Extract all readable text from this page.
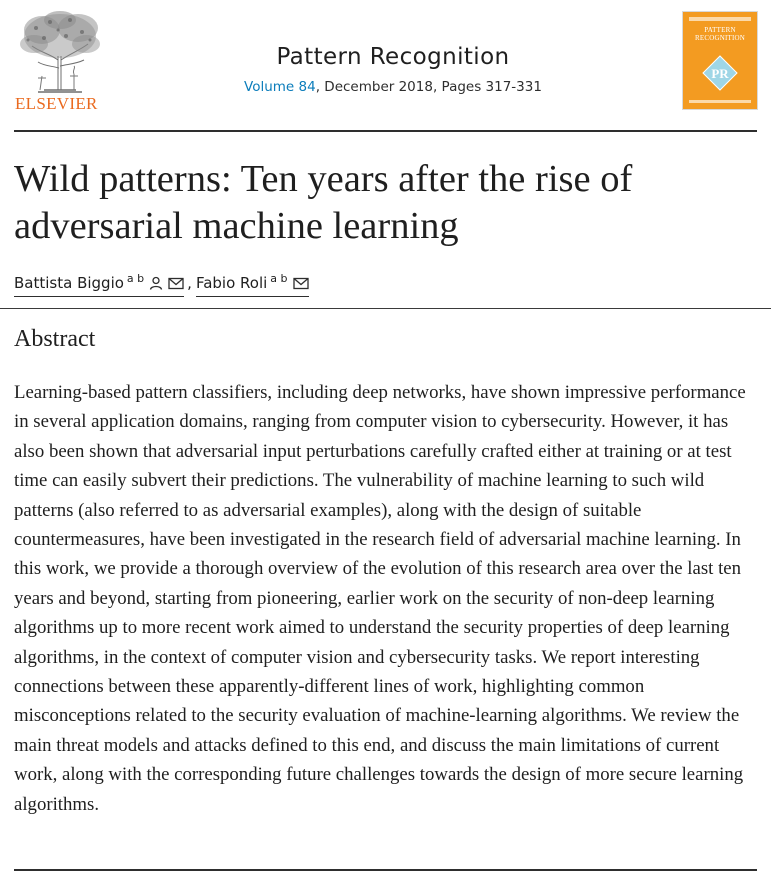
ELSEVIER
Pattern Recognition
Volume 84, December 2018, Pages 317-331
PATTERN RECOGNITION
PR
Wild patterns: Ten years after the rise of adversarial machine learning
Battista Biggio $^{a b}$	, Fabio Roli $^{a b}$
Abstract

Learning-based pattern classifiers, including deep networks, have shown impressive performance in several application domains, ranging from computer vision to cybersecurity. However, it has also been shown that adversarial input perturbations carefully crafted either at training or at test time can easily subvert their predictions. The vulnerability of machine learning to such wild patterns (also referred to as adversarial examples), along with the design of suitable countermeasures, have been investigated in the research field of adversarial machine learning. In this work, we provide a thorough overview of the evolution of this research area over the last ten years and beyond, starting from pioneering, earlier work on the security of non-deep learning algorithms up to more recent work aimed to understand the security properties of deep learning algorithms, in the context of computer vision and cybersecurity tasks. We report interesting connections between these apparently-different lines of work, highlighting common misconceptions related to the security evaluation of machine-learning algorithms. We review the main threat models and attacks defined to this end, and discuss the main limitations of current work, along with the corresponding future challenges towards the design of more secure learning algorithms.
